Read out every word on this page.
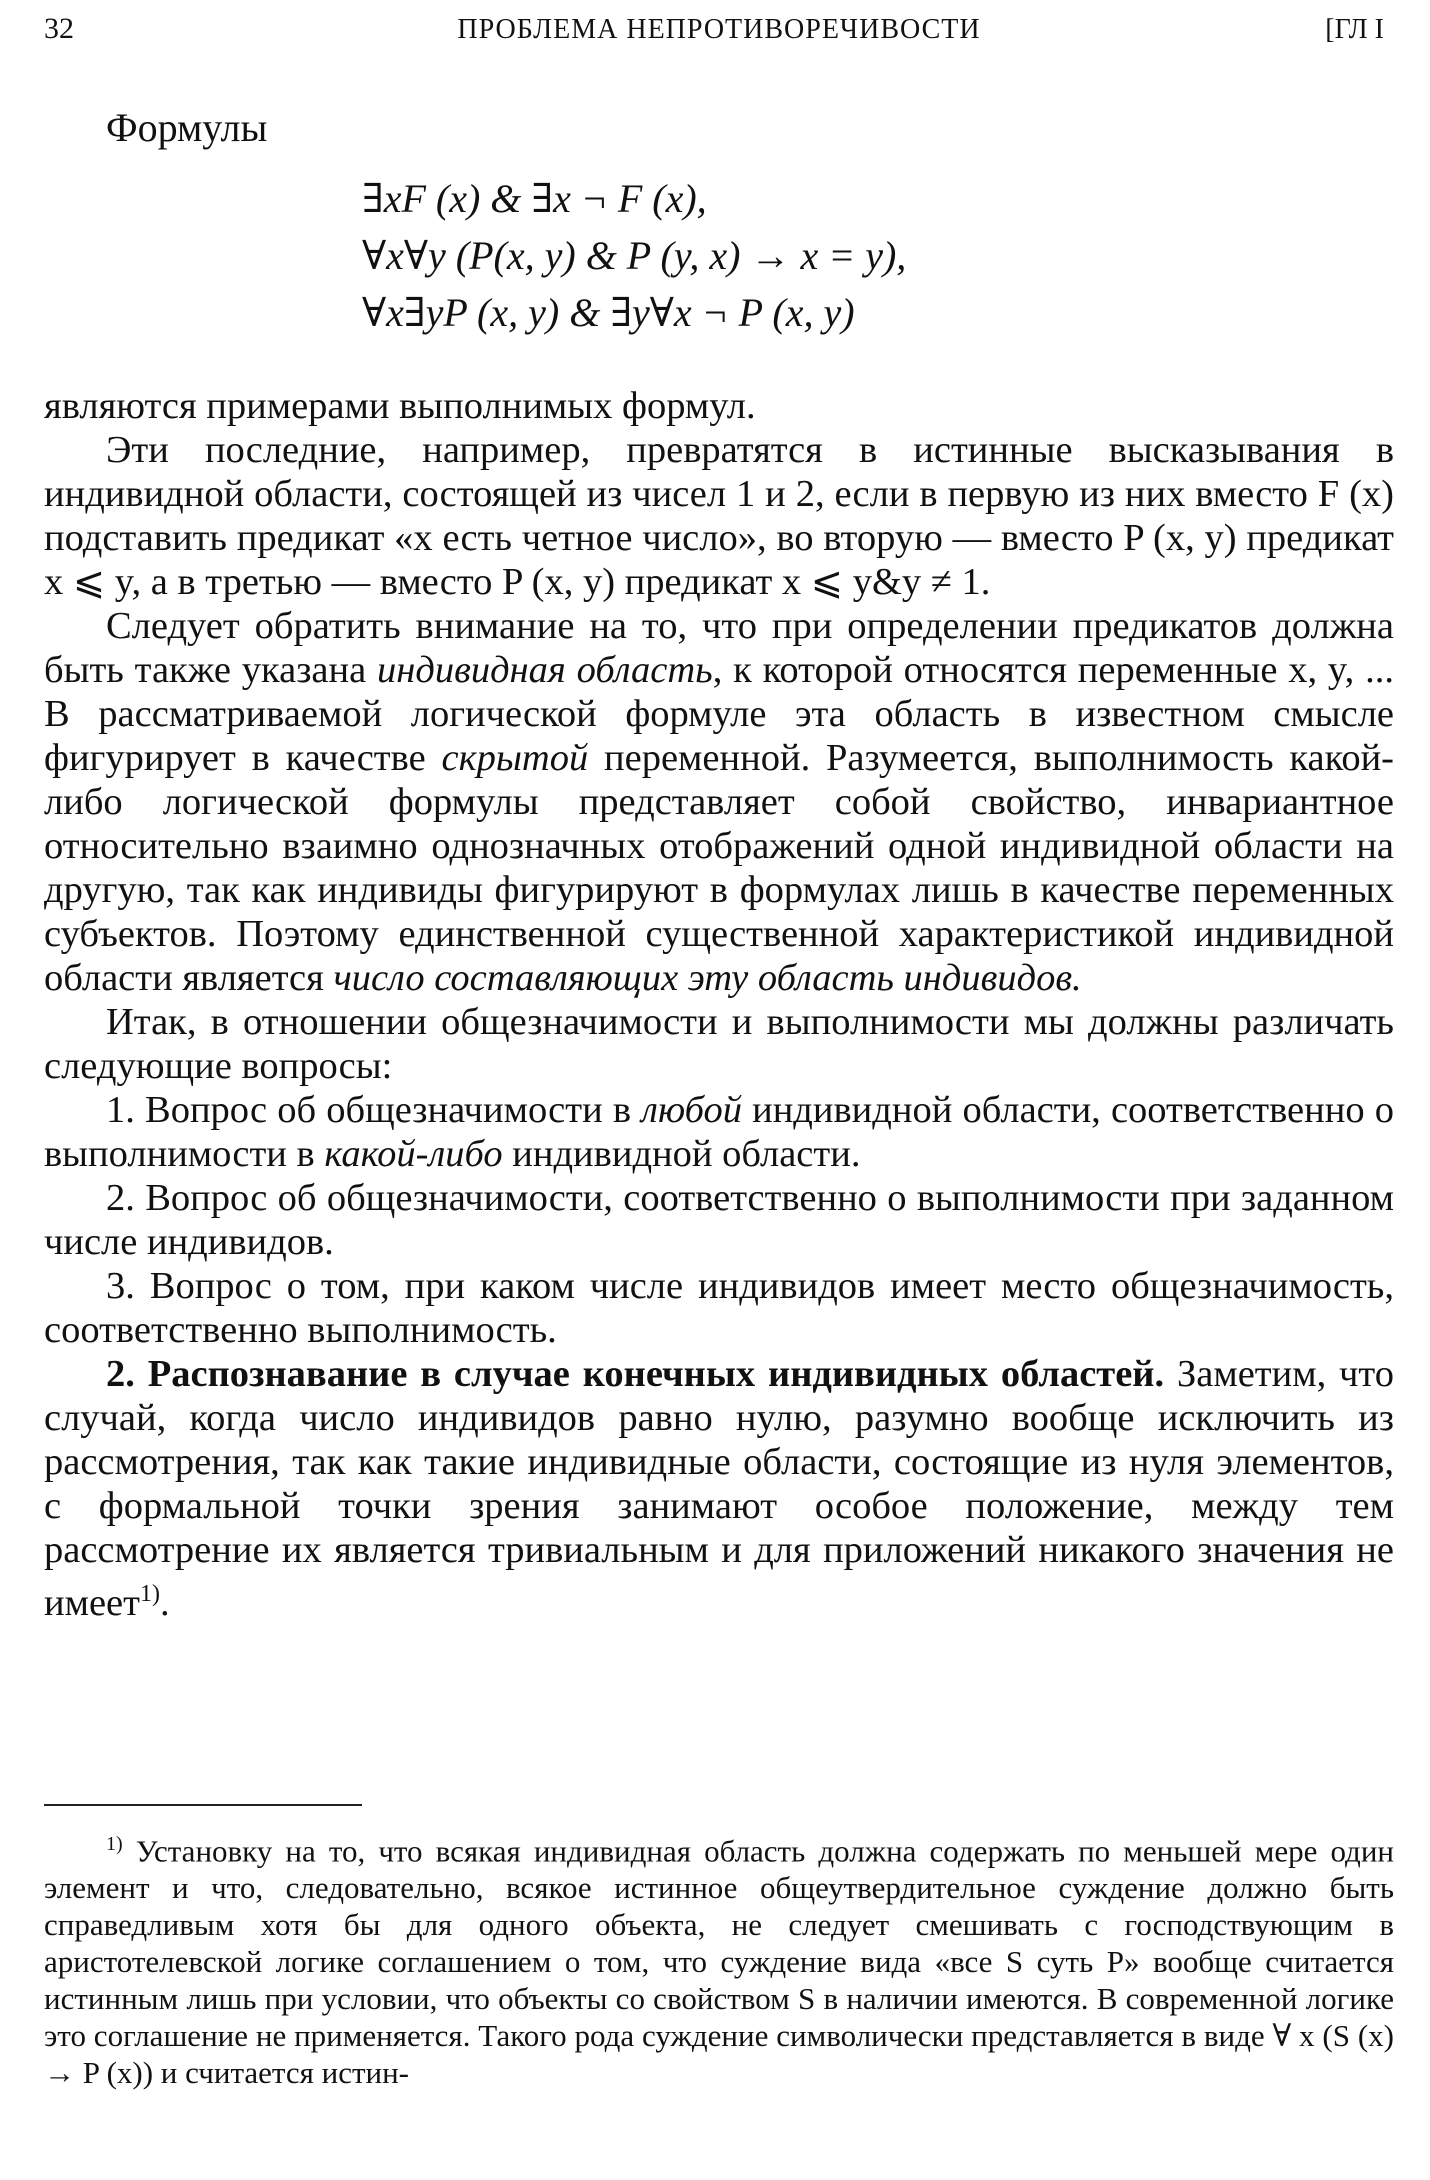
32	ПРОБЛЕМА НЕПРОТИВОРЕЧИВОСТИ	[ГЛ I
Формулы
∃xF (x) & ∃x ¬ F (x),
∀x∀y (P(x, y) & P (y, x) → x = y),
∀x∃yP (x, y) & ∃y∀x ¬ P (x, y)

являются примерами выполнимых формул.

Эти последние, например, превратятся в истинные высказывания в индивидной области, состоящей из чисел 1 и 2, если в первую из них вместо F (x) подставить предикат «x есть четное число», во вторую — вместо P (x, y) предикат x ⩽ y, а в третью — вместо P (x, y) предикат x ⩽ y&y ≠ 1.

Следует обратить внимание на то, что при определении предикатов должна быть также указана индивидная область, к которой относятся переменные x, y, ... В рассматриваемой логической формуле эта область в известном смысле фигурирует в качестве скрытой переменной. Разумеется, выполнимость какой-либо логической формулы представляет собой свойство, инвариантное относительно взаимно однозначных отображений одной индивидной области на другую, так как индивиды фигурируют в формулах лишь в качестве переменных субъектов. Поэтому единственной существенной характеристикой индивидной области является число составляющих эту область индивидов.

Итак, в отношении общезначимости и выполнимости мы должны различать следующие вопросы:

1. Вопрос об общезначимости в любой индивидной области, соответственно о выполнимости в какой-либо индивидной области.

2. Вопрос об общезначимости, соответственно о выполнимости при заданном числе индивидов.

3. Вопрос о том, при каком числе индивидов имеет место общезначимость, соответственно выполнимость.

2. Распознавание в случае конечных индивидных областей. Заметим, что случай, когда число индивидов равно нулю, разумно вообще исключить из рассмотрения, так как такие индивидные области, состоящие из нуля элементов, с формальной точки зрения занимают особое положение, между тем рассмотрение их является тривиальным и для приложений никакого значения не имеет$^{1)}$.

$^{1)}$ Установку на то, что всякая индивидная область должна содержать по меньшей мере один элемент и что, следовательно, всякое истинное общеутвердительное суждение должно быть справедливым хотя бы для одного объекта, не следует смешивать с господствующим в аристотелевской логике соглашением о том, что суждение вида «все S суть P» вообще считается истинным лишь при условии, что объекты со свойством S в наличии имеются. В современной логике это соглашение не применяется. Такого рода суждение символически представляется в виде ∀ x (S (x) → P (x)) и считается истин-
